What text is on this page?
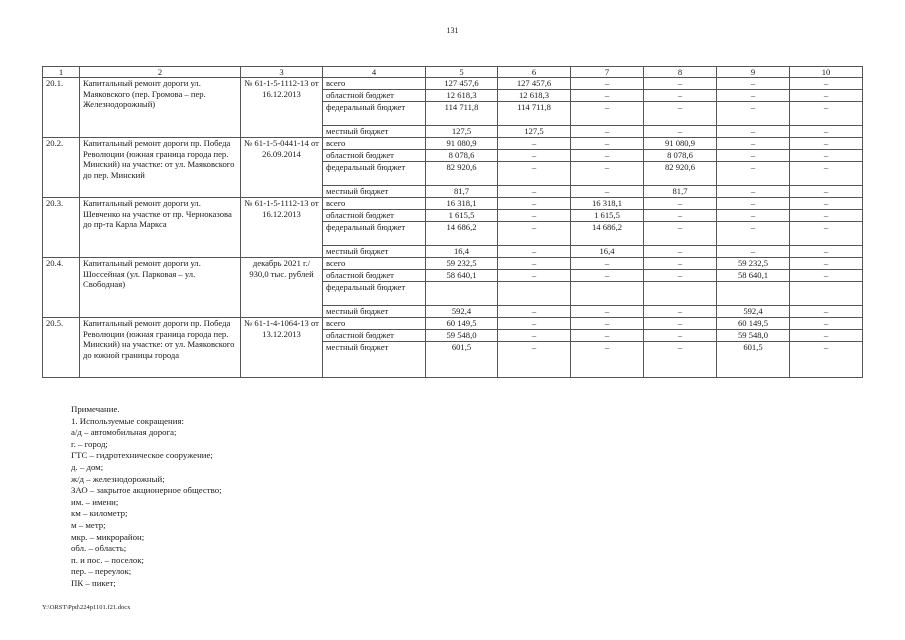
131
1	2	3	4	5	6	7	8	9	10
20.1.	Капитальный ремонт дороги ул. Маяковского (пер. Громова – пер. Железнодорожный)	№ 61-1-5-1112-13 от 16.12.2013	всего	127 457,6	127 457,6	–	–	–	–
			областной бюджет	12 618,3	12 618,3	–	–	–	–
			федеральный бюджет	114 711,8	114 711,8	–	–	–	–
			местный бюджет	127,5	127,5	–	–	–	–
20.2.	Капитальный ремонт дороги пр. Победа Революции (южная граница города пер. Минский) на участке: от ул. Маяковского до пер. Минский	№ 61-1-5-0441-14 от 26.09.2014	всего	91 080,9	–	–	91 080,9	–	–
			областной бюджет	8 078,6	–	–	8 078,6	–	–
			федеральный бюджет	82 920,6	–	–	82 920,6	–	–
			местный бюджет	81,7	–	–	81,7	–	–
20.3.	Капитальный ремонт дороги ул. Шевченко на участке от пр. Черноказова до пр-та Карла Маркса	№ 61-1-5-1112-13 от 16.12.2013	всего	16 318,1	–	16 318,1	–	–	–
			областной бюджет	1 615,5	–	1 615,5	–	–	–
			федеральный бюджет	14 686,2	–	14 686,2	–	–	–
			местный бюджет	16,4	–	16,4	–	–	–
20.4.	Капитальный ремонт дороги ул. Шоссейная (ул. Парковая – ул. Свободная)	декабрь 2021 г./ 930,0 тыс. рублей	всего	59 232,5	–	–	–	59 232,5	–
			областной бюджет	58 640,1	–	–	–	58 640,1	–
			федеральный бюджет						
			местный бюджет	592,4	–	–	–	592,4	–
20.5.	Капитальный ремонт дороги пр. Победа Революции (южная граница города пер. Минский) на участке: от ул. Маяковского до южной границы города	№ 61-1-4-1064-13 от 13.12.2013	всего	60 149,5	–	–	–	60 149,5	–
			областной бюджет	59 548,0	–	–	–	59 548,0	–
			местный бюджет	601,5	–	–	–	601,5	–
Примечание.
1. Используемые сокращения:
а/д – автомобильная дорога;
г. – город;
ГТС – гидротехническое сооружение;
д. – дом;
ж/д – железнодорожный;
ЗАО – закрытое акционерное общество;
им. – имени;
км – километр;
м – метр;
мкр. – микрорайон;
обл. – область;
п. и пос. – поселок;
пер. – переулок;
ПК – пикет;
Y:\ORST\Ppd\224p1101.f21.docx
